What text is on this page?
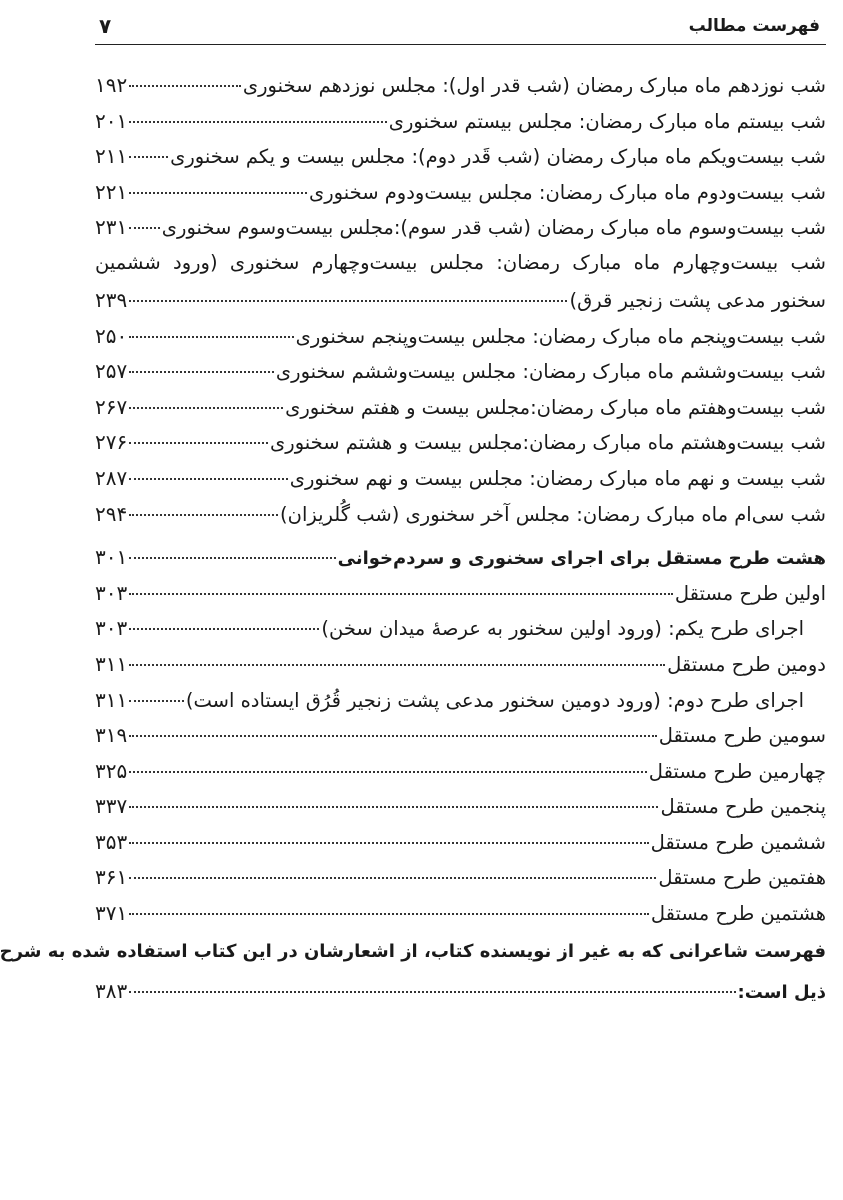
فهرست مطالب
۷
شب نوزدهم ماه مبارک رمضان (شب قدر اول): مجلس نوزدهم سخنوری
۱۹۲
شب بیستم ماه مبارک رمضان: مجلس بیستم سخنوری
۲۰۱
شب بیست‌ویکم ماه مبارک رمضان (شب قَدر دوم): مجلس بیست و یکم سخنوری
۲۱۱
شب بیست‌ودوم ماه مبارک رمضان: مجلس بیست‌ودوم سخنوری
۲۲۱
شب بیست‌وسوم ماه مبارک رمضان (شب قدر سوم):مجلس بیست‌وسوم سخنوری
۲۳۱
شب بیست‌وچهارم ماه مبارک رمضان: مجلس بیست‌وچهارم سخنوری (ورود ششمین
سخنور مدعی پشت زنجیر قرق)
۲۳۹
شب بیست‌وپنجم ماه مبارک رمضان: مجلس بیست‌وپنجم سخنوری
۲۵۰
شب بیست‌وششم ماه مبارک رمضان: مجلس بیست‌وششم سخنوری
۲۵۷
شب بیست‌وهفتم ماه مبارک رمضان:مجلس بیست و هفتم سخنوری
۲۶۷
شب بیست‌وهشتم ماه مبارک رمضان:مجلس بیست و هشتم سخنوری
۲۷۶
شب بیست و نهم ماه مبارک رمضان: مجلس بیست و نهم سخنوری
۲۸۷
شب سی‌ام ماه مبارک رمضان: مجلس آخر سخنوری (شب گُلریزان)
۲۹۴
هشت طرح مستقل برای اجرای سخنوری و سردم‌خوانی
۳۰۱
اولین طرح مستقل
۳۰۳
اجرای طرح یکم: (ورود اولین سخنور به عرصهٔ میدان سخن)
۳۰۳
دومین طرح مستقل
۳۱۱
اجرای طرح دوم: (ورود دومین سخنور مدعی پشت زنجیر قُرُق ایستاده است)
۳۱۱
سومین طرح مستقل
۳۱۹
چهارمین طرح مستقل
۳۲۵
پنجمین طرح مستقل
۳۳۷
ششمین طرح مستقل
۳۵۳
هفتمین طرح مستقل
۳۶۱
هشتمین طرح مستقل
۳۷۱
فهرست شاعرانی که به غیر از نویسنده کتاب، از اشعارشان در این کتاب استفاده شده به شرح
ذیل است:
۳۸۳
